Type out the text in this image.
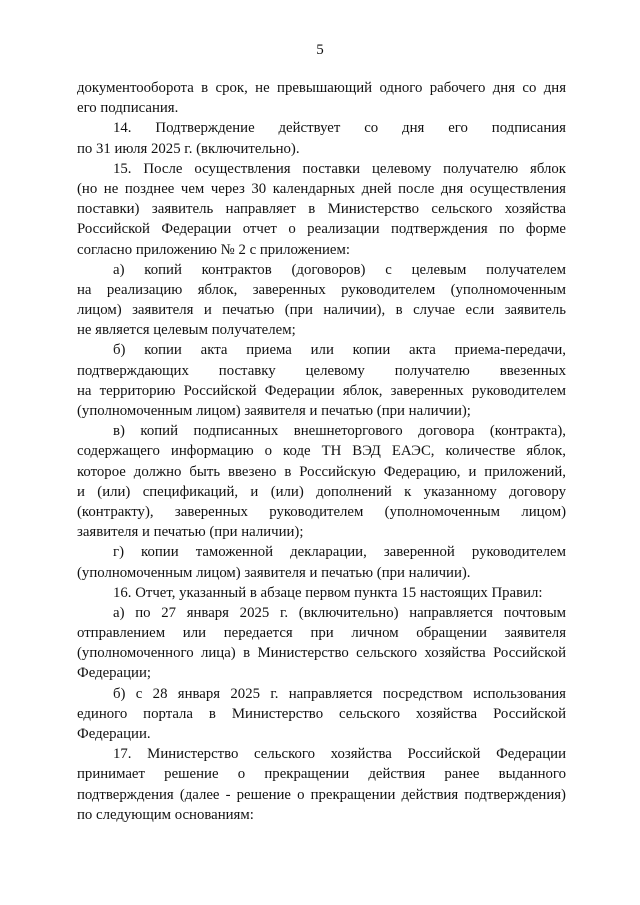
5
документооборота в срок, не превышающий одного рабочего дня со дня
его подписания.
14. Подтверждение действует со дня его подписания
по 31 июля 2025 г. (включительно).
15. После осуществления поставки целевому получателю яблок
(но не позднее чем через 30 календарных дней после дня осуществления
поставки) заявитель направляет в Министерство сельского хозяйства
Российской Федерации отчет о реализации подтверждения по форме
согласно приложению № 2 с приложением:
а) копий контрактов (договоров) с целевым получателем
на реализацию яблок, заверенных руководителем (уполномоченным
лицом) заявителя и печатью (при наличии), в случае если заявитель
не является целевым получателем;
б) копии акта приема или копии акта приема-передачи,
подтверждающих поставку целевому получателю ввезенных
на территорию Российской Федерации яблок, заверенных руководителем
(уполномоченным лицом) заявителя и печатью (при наличии);
в) копий подписанных внешнеторгового договора (контракта),
содержащего информацию о коде ТН ВЭД ЕАЭС, количестве яблок,
которое должно быть ввезено в Российскую Федерацию, и приложений,
и (или) спецификаций, и (или) дополнений к указанному договору
(контракту), заверенных руководителем (уполномоченным лицом)
заявителя и печатью (при наличии);
г) копии таможенной декларации, заверенной руководителем
(уполномоченным лицом) заявителя и печатью (при наличии).
16. Отчет, указанный в абзаце первом пункта 15 настоящих Правил:
а) по 27 января 2025 г. (включительно) направляется почтовым
отправлением или передается при личном обращении заявителя
(уполномоченного лица) в Министерство сельского хозяйства Российской
Федерации;
б) с 28 января 2025 г. направляется посредством использования
единого портала в Министерство сельского хозяйства Российской
Федерации.
17. Министерство сельского хозяйства Российской Федерации
принимает решение о прекращении действия ранее выданного
подтверждения (далее - решение о прекращении действия подтверждения)
по следующим основаниям:
